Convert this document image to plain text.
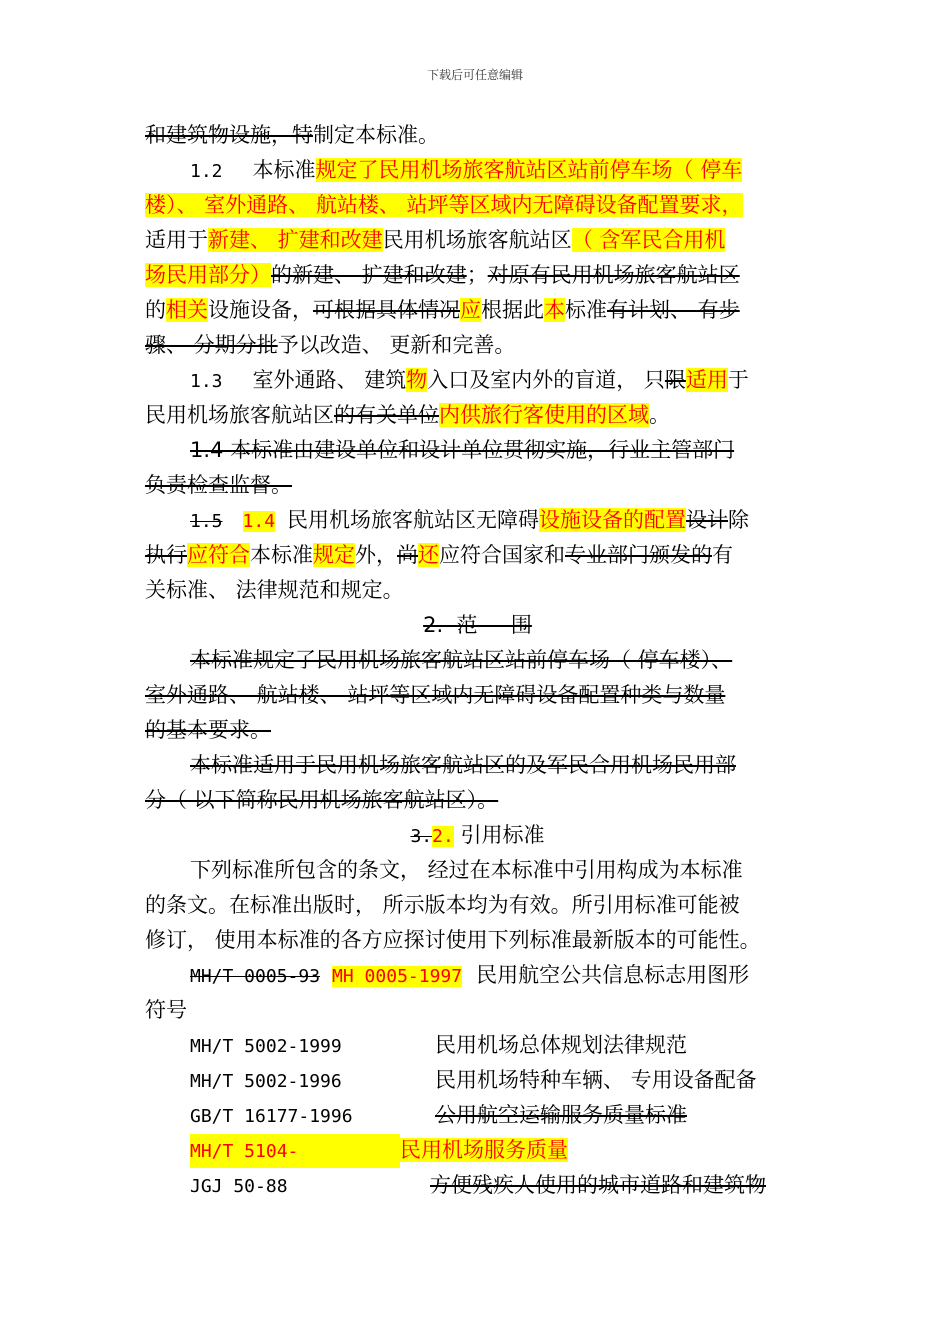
下载后可任意编辑
和建筑物设施，特制定本标准。
1.2 本标准规定了民用机场旅客航站区站前停车场（ 停车
楼）、 室外通路、 航站楼、 站坪等区域内无障碍设备配置要求，
适用于新建、 扩建和改建民用机场旅客航站区（ 含军民合用机
场民用部分）的新建、 扩建和改建；对原有民用机场旅客航站区
的相关设施设备，可根据具体情况应根据此本标准有计划、 有步
骤、 分期分批予以改造、 更新和完善。
1.3 室外通路、 建筑物入口及室内外的盲道， 只限适用于
民用机场旅客航站区的有关单位内供旅行客使用的区域。
1.4 本标准由建设单位和设计单位贯彻实施，行业主管部门
负责检查监督。
1.5 1.4 民用机场旅客航站区无障碍设施设备的配置设计除
执行应符合本标准规定外，尚还应符合国家和专业部门颁发的有
关标准、 法律规范和规定。
2.  范     围
本标准规定了民用机场旅客航站区站前停车场（ 停车楼）、
室外通路、 航站楼、 站坪等区域内无障碍设备配置种类与数量
的基本要求。
本标准适用于民用机场旅客航站区的及军民合用机场民用部
分（ 以下简称民用机场旅客航站区）。
3.2. 引用标准
下列标准所包含的条文， 经过在本标准中引用构成为本标准
的条文。在标准出版时， 所示版本均为有效。所引用标准可能被
修订， 使用本标准的各方应探讨使用下列标准最新版本的可能性。
MH/T 0005-93 MH 0005-1997 民用航空公共信息标志用图形
符号
MH/T 5002-1999	民用机场总体规划法律规范
MH/T 5002-1996	民用机场特种车辆、 专用设备配备
GB/T 16177-1996	公用航空运输服务质量标准
MH/T 5104-	民用机场服务质量
JGJ 50-88	方便残疾人使用的城市道路和建筑物
